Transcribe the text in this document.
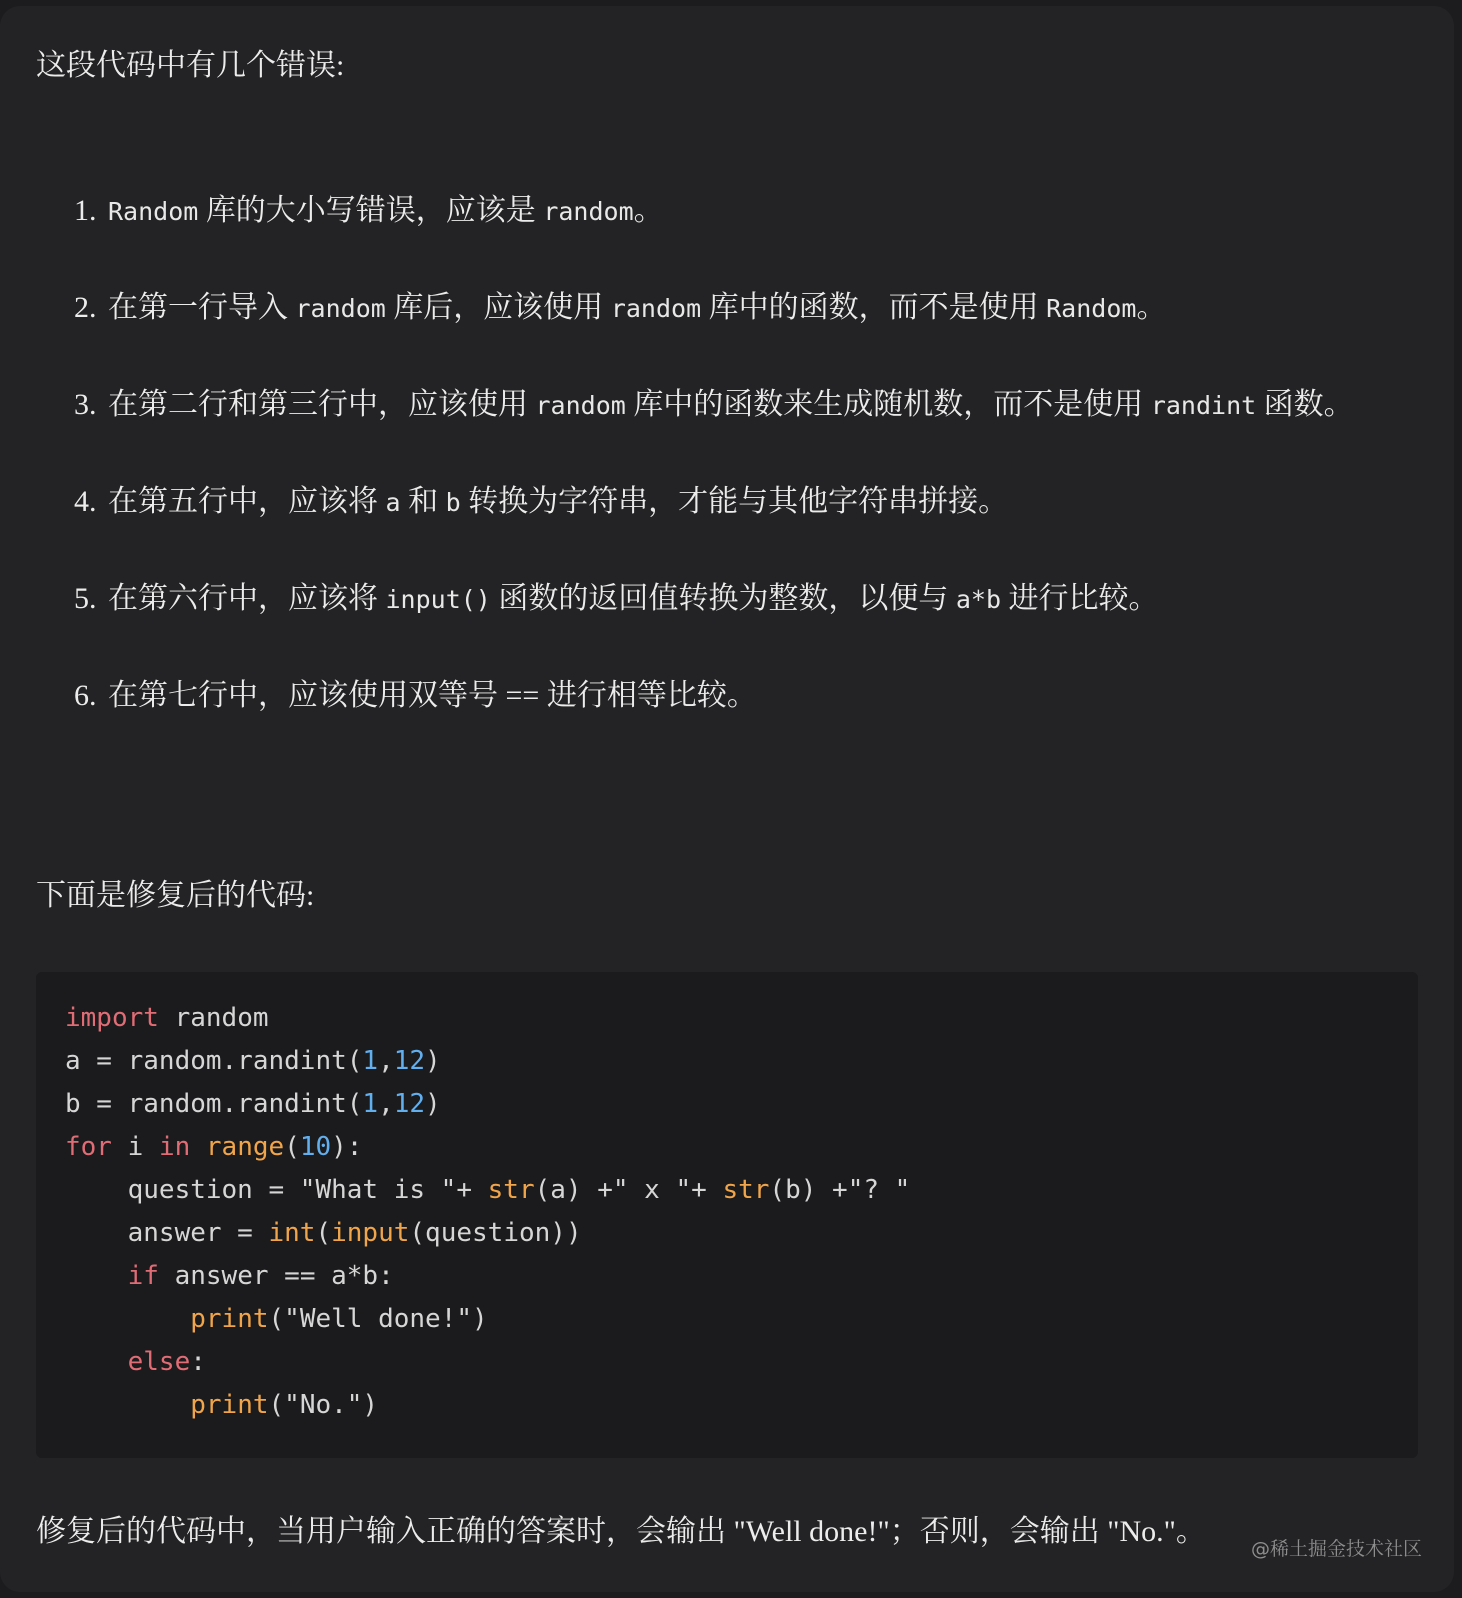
这段代码中有几个错误:

1. Random 库的大小写错误，应该是 random。
2. 在第一行导入 random 库后，应该使用 random 库中的函数，而不是使用 Random。
3. 在第二行和第三行中，应该使用 random 库中的函数来生成随机数，而不是使用 randint 函数。
4. 在第五行中，应该将 a 和 b 转换为字符串，才能与其他字符串拼接。
5. 在第六行中，应该将 input() 函数的返回值转换为整数，以便与 a*b 进行比较。
6. 在第七行中，应该使用双等号 == 进行相等比较。

下面是修复后的代码:

import random
a = random.randint(1,12)
b = random.randint(1,12)
for i in range(10):
question = "What is "+ str(a) +" x "+ str(b) +"? "
answer = int(input(question))
if answer == a*b:
print("Well done!")
else:
print("No.")

修复后的代码中，当用户输入正确的答案时，会输出 "Well done!"；否则，会输出 "No."。

@稀土掘金技术社区
